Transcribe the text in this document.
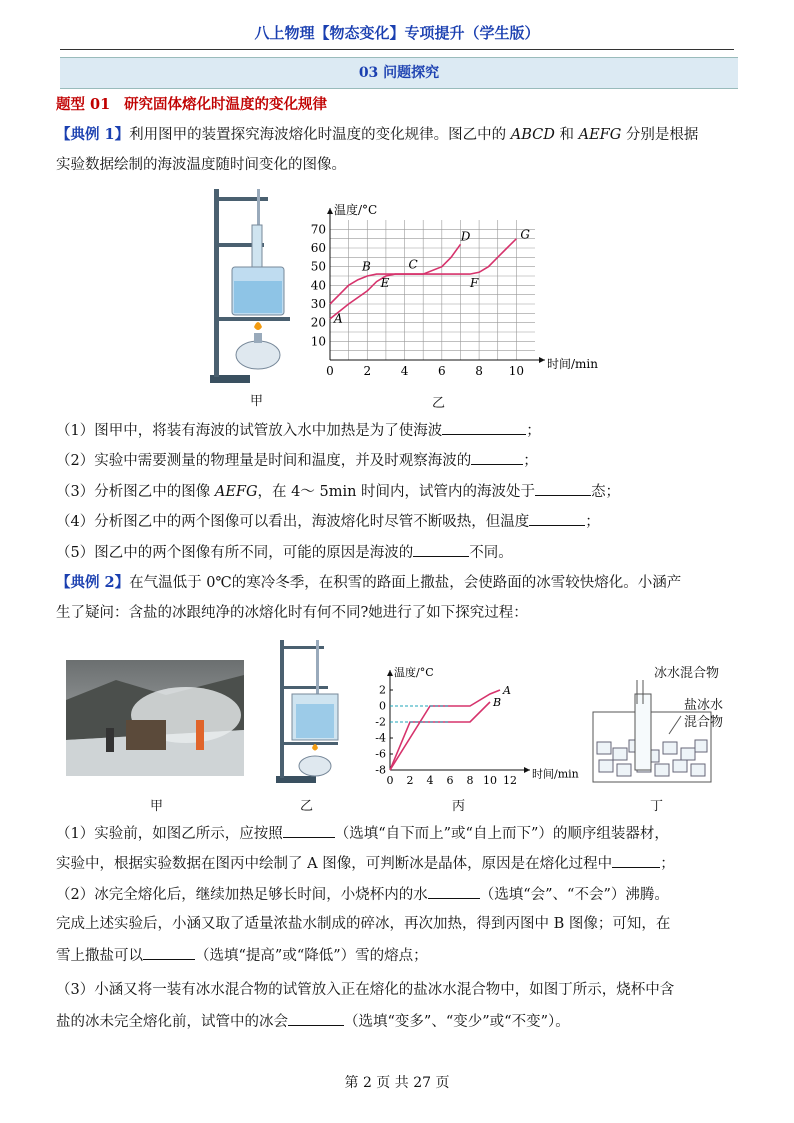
八上物理【物态变化】专项提升（学生版）
03 问题探究
题型 01 研究固体熔化时温度的变化规律
【典例 1】利用图甲的装置探究海波熔化时温度的变化规律。图乙中的 ABCD 和 AEFG 分别是根据
实验数据绘制的海波温度随时间变化的图像。
甲
0 2 4 6 8 10
10
20
30
40
50
60
70
温度/°C
时间/min
A
B	C
D
E	F
G
乙
（1）图甲中，将装有海波的试管放入水中加热是为了使海波	；
（2）实验中需要测量的物理量是时间和温度，并及时观察海波的	；
（3）分析图乙中的图像 AEFG，在 4～ 5min 时间内，试管内的海波处于	态；
（4）分析图乙中的两个图像可以看出，海波熔化时尽管不断吸热，但温度	；
（5）图乙中的两个图像有所不同，可能的原因是海波的	不同。
【典例 2】在气温低于 0℃的寒冷冬季，在积雪的路面上撒盐，会使路面的冰雪较快熔化。小涵产
生了疑问：含盐的冰跟纯净的冰熔化时有何不同?她进行了如下探究过程：
甲	乙
0 2 4 6 8 10 12
2
0
-2
-4
-6
-8
温度/°C
时间/min
A
B
丙
冰水混合物
盐冰水
混合物
丁
（1）实验前，如图乙所示，应按照	（选填“自下而上”或“自上而下”）的顺序组装器材，
实验中，根据实验数据在图丙中绘制了 A 图像，可判断冰是晶体，原因是在熔化过程中	；
（2）冰完全熔化后，继续加热足够长时间，小烧杯内的水	（选填“会”、“不会”）沸腾。
完成上述实验后，小涵又取了适量浓盐水制成的碎冰，再次加热，得到丙图中 B 图像；可知，在
雪上撒盐可以	（选填“提高”或“降低”）雪的熔点；
（3）小涵又将一装有冰水混合物的试管放入正在熔化的盐冰水混合物中，如图丁所示，烧杯中含
盐的冰未完全熔化前，试管中的冰会	（选填“变多”、“变少”或“不变”）。
第 2 页 共 27 页
